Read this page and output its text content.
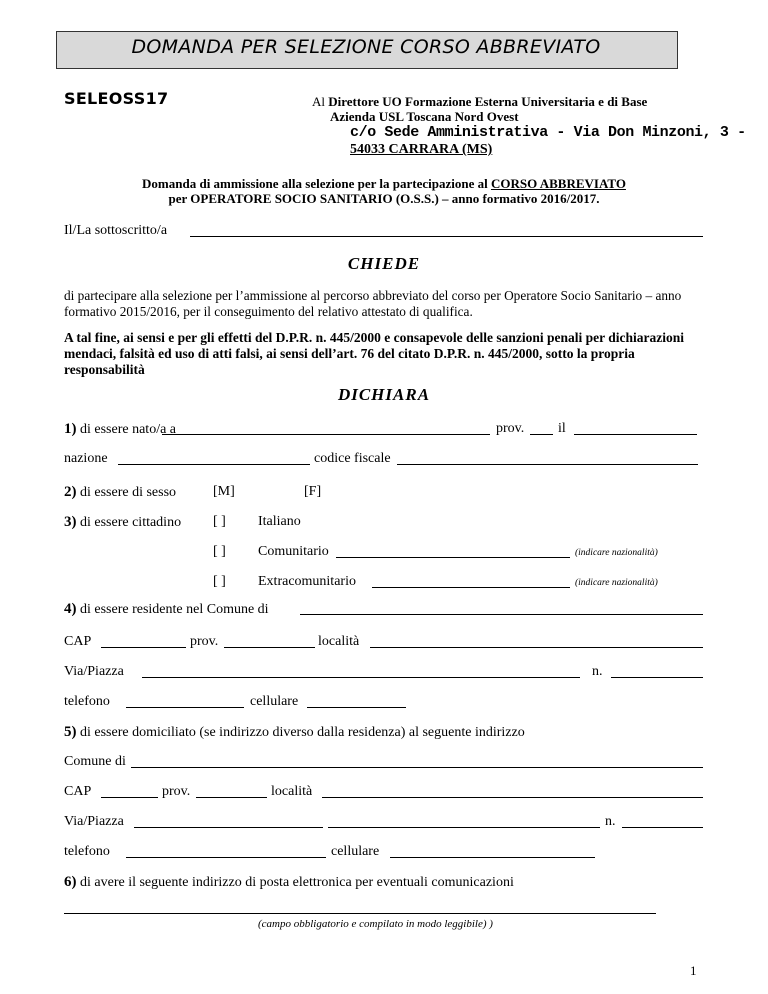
DOMANDA PER SELEZIONE CORSO ABBREVIATO
SELEOSS17	Al Direttore UO Formazione Esterna Universitaria e di Base
Azienda USL Toscana Nord Ovest
c/o Sede Amministrativa - Via Don Minzoni, 3 -
54033 CARRARA (MS)
Domanda di ammissione alla selezione per la partecipazione al CORSO ABBREVIATO
per OPERATORE SOCIO SANITARIO (O.S.S.) – anno formativo 2016/2017.
Il/La sottoscritto/a
CHIEDE
di partecipare alla selezione per l’ammissione al percorso abbreviato del corso per Operatore Socio Sanitario – anno
formativo 2015/2016, per il conseguimento del relativo attestato di qualifica.
A tal fine, ai sensi e per gli effetti del D.P.R. n. 445/2000 e consapevole delle sanzioni penali per dichiarazioni
mendaci, falsità ed uso di atti falsi, ai sensi dell’art. 76 del citato D.P.R. n. 445/2000, sotto la propria
responsabilità
DICHIARA
1) di essere nato/a a	prov. il
nazione	codice fiscale
2) di essere di sesso	[M]	[F]
3) di essere cittadino [ ] Italiano
[ ] Comunitario	(indicare nazionalità)
[ ] Extracomunitario	(indicare nazionalità)
4) di essere residente nel Comune di
CAP	prov.	località
Via/Piazza	n.
telefono	cellulare
5) di essere domiciliato (se indirizzo diverso dalla residenza) al seguente indirizzo
Comune di
CAP	prov.	località
Via/Piazza	n.
telefono	cellulare
6) di avere il seguente indirizzo di posta elettronica per eventuali comunicazioni
(campo obbligatorio e compilato in modo leggibile) )
1
